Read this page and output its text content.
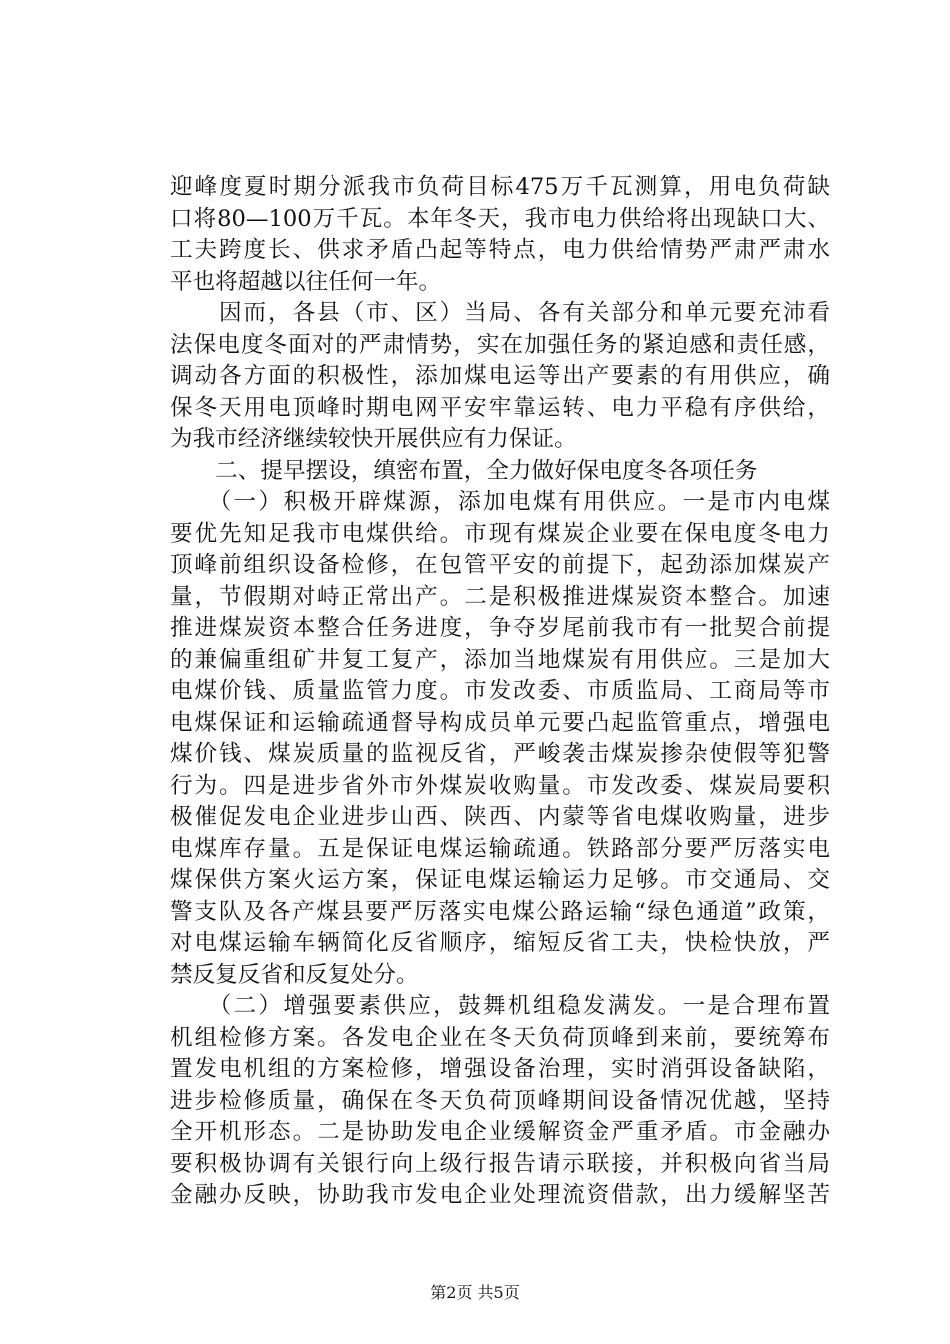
迎峰度夏时期分派我市负荷目标475万千瓦测算，用电负荷缺
口将80—100万千瓦。本年冬天，我市电力供给将出现缺口大、
工夫跨度长、供求矛盾凸起等特点，电力供给情势严肃严肃水
平也将超越以往任何一年。
　　因而，各县（市、区）当局、各有关部分和单元要充沛看
法保电度冬面对的严肃情势，实在加强任务的紧迫感和责任感，
调动各方面的积极性，添加煤电运等出产要素的有用供应，确
保冬天用电顶峰时期电网平安牢靠运转、电力平稳有序供给，
为我市经济继续较快开展供应有力保证。
　　二、提早摆设，缜密布置，全力做好保电度冬各项任务
　　（一）积极开辟煤源，添加电煤有用供应。一是市内电煤
要优先知足我市电煤供给。市现有煤炭企业要在保电度冬电力
顶峰前组织设备检修，在包管平安的前提下，起劲添加煤炭产
量，节假期对峙正常出产。二是积极推进煤炭资本整合。加速
推进煤炭资本整合任务进度，争夺岁尾前我市有一批契合前提
的兼偏重组矿井复工复产，添加当地煤炭有用供应。三是加大
电煤价钱、质量监管力度。市发改委、市质监局、工商局等市
电煤保证和运输疏通督导构成员单元要凸起监管重点，增强电
煤价钱、煤炭质量的监视反省，严峻袭击煤炭掺杂使假等犯警
行为。四是进步省外市外煤炭收购量。市发改委、煤炭局要积
极催促发电企业进步山西、陕西、内蒙等省电煤收购量，进步
电煤库存量。五是保证电煤运输疏通。铁路部分要严厉落实电
煤保供方案火运方案，保证电煤运输运力足够。市交通局、交
警支队及各产煤县要严厉落实电煤公路运输“绿色通道”政策，
对电煤运输车辆简化反省顺序，缩短反省工夫，快检快放，严
禁反复反省和反复处分。
　　（二）增强要素供应，鼓舞机组稳发满发。一是合理布置
机组检修方案。各发电企业在冬天负荷顶峰到来前，要统筹布
置发电机组的方案检修，增强设备治理，实时消弭设备缺陷，
进步检修质量，确保在冬天负荷顶峰期间设备情况优越，坚持
全开机形态。二是协助发电企业缓解资金严重矛盾。市金融办
要积极协调有关银行向上级行报告请示联接，并积极向省当局
金融办反映，协助我市发电企业处理流资借款，出力缓解坚苦
第2页 共5页
